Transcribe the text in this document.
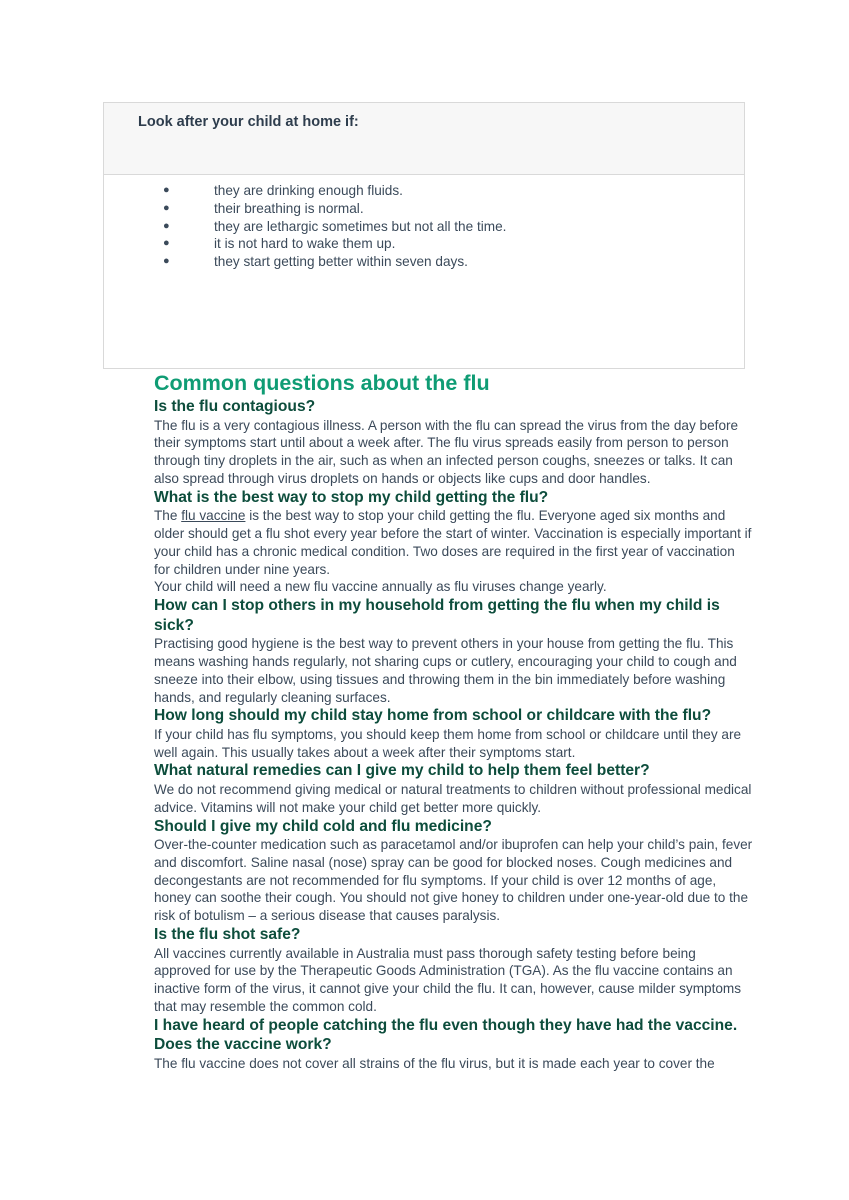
Look after your child at home if:
●	they are drinking enough fluids.
●	their breathing is normal.
●	they are lethargic sometimes but not all the time.
●	it is not hard to wake them up.
●	they start getting better within seven days.
Common questions about the flu
Is the flu contagious?

The flu is a very contagious illness. A person with the flu can spread the virus from the day before their symptoms start until about a week after. The flu virus spreads easily from person to person through tiny droplets in the air, such as when an infected person coughs, sneezes or talks. It can also spread through virus droplets on hands or objects like cups and door handles.

What is the best way to stop my child getting the flu?

The flu vaccine is the best way to stop your child getting the flu. Everyone aged six months and older should get a flu shot every year before the start of winter. Vaccination is especially important if your child has a chronic medical condition. Two doses are required in the first year of vaccination for children under nine years.

Your child will need a new flu vaccine annually as flu viruses change yearly.

How can I stop others in my household from getting the flu when my child is sick?

Practising good hygiene is the best way to prevent others in your house from getting the flu. This means washing hands regularly, not sharing cups or cutlery, encouraging your child to cough and sneeze into their elbow, using tissues and throwing them in the bin immediately before washing hands, and regularly cleaning surfaces.

How long should my child stay home from school or childcare with the flu?

If your child has flu symptoms, you should keep them home from school or childcare until they are well again. This usually takes about a week after their symptoms start.

What natural remedies can I give my child to help them feel better?

We do not recommend giving medical or natural treatments to children without professional medical advice. Vitamins will not make your child get better more quickly.

Should I give my child cold and flu medicine?

Over-the-counter medication such as paracetamol and/or ibuprofen can help your child’s pain, fever and discomfort. Saline nasal (nose) spray can be good for blocked noses. Cough medicines and decongestants are not recommended for flu symptoms. If your child is over 12 months of age, honey can soothe their cough. You should not give honey to children under one-year-old due to the risk of botulism – a serious disease that causes paralysis.

Is the flu shot safe?

All vaccines currently available in Australia must pass thorough safety testing before being approved for use by the Therapeutic Goods Administration (TGA). As the flu vaccine contains an inactive form of the virus, it cannot give your child the flu. It can, however, cause milder symptoms that may resemble the common cold.

I have heard of people catching the flu even though they have had the vaccine. Does the vaccine work?

The flu vaccine does not cover all strains of the flu virus, but it is made each year to cover the
